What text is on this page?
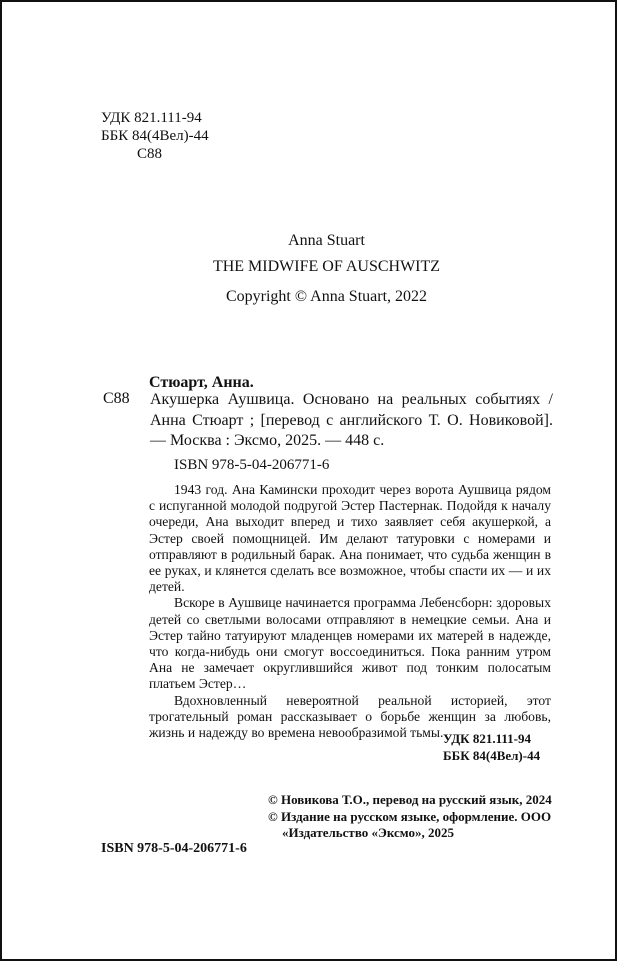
УДК 821.111-94
ББК 84(4Вел)-44
С88
Anna Stuart
THE MIDWIFE OF AUSCHWITZ
Copyright © Anna Stuart, 2022
Стюарт, Анна.
С88 Акушерка Аушвица. Основано на реальных событиях / Анна Стюарт ; [перевод с английского Т. О. Новиковой]. — Москва : Эксмо, 2025. — 448 с.
ISBN 978-5-04-206771-6

1943 год. Ана Камински проходит через ворота Аушвица рядом с испуганной молодой подругой Эстер Пастернак. Подойдя к началу очереди, Ана выходит вперед и тихо заявляет себя акушеркой, а Эстер своей помощницей. Им делают татуровки с номерами и отправляют в родильный барак. Ана понимает, что судьба женщин в ее руках, и клянется сделать все возможное, чтобы спасти их — и их детей.

Вскоре в Аушвице начинается программа Лебенсборн: здоровых детей со светлыми волосами отправляют в немецкие семьи. Ана и Эстер тайно татуируют младенцев номерами их матерей в надежде, что когда-нибудь они смогут воссоединиться. Пока ранним утром Ана не замечает округлившийся живот под тонким полосатым платьем Эстер…

Вдохновленный невероятной реальной историей, этот трогательный роман рассказывает о борьбе женщин за любовь, жизнь и надежду во времена невообразимой тьмы. УДК 821.111-94
ББК 84(4Вел)-44
© Новикова Т.О., перевод на русский язык, 2024
© Издание на русском языке, оформление. ООО «Издательство «Эксмо», 2025
ISBN 978-5-04-206771-6
